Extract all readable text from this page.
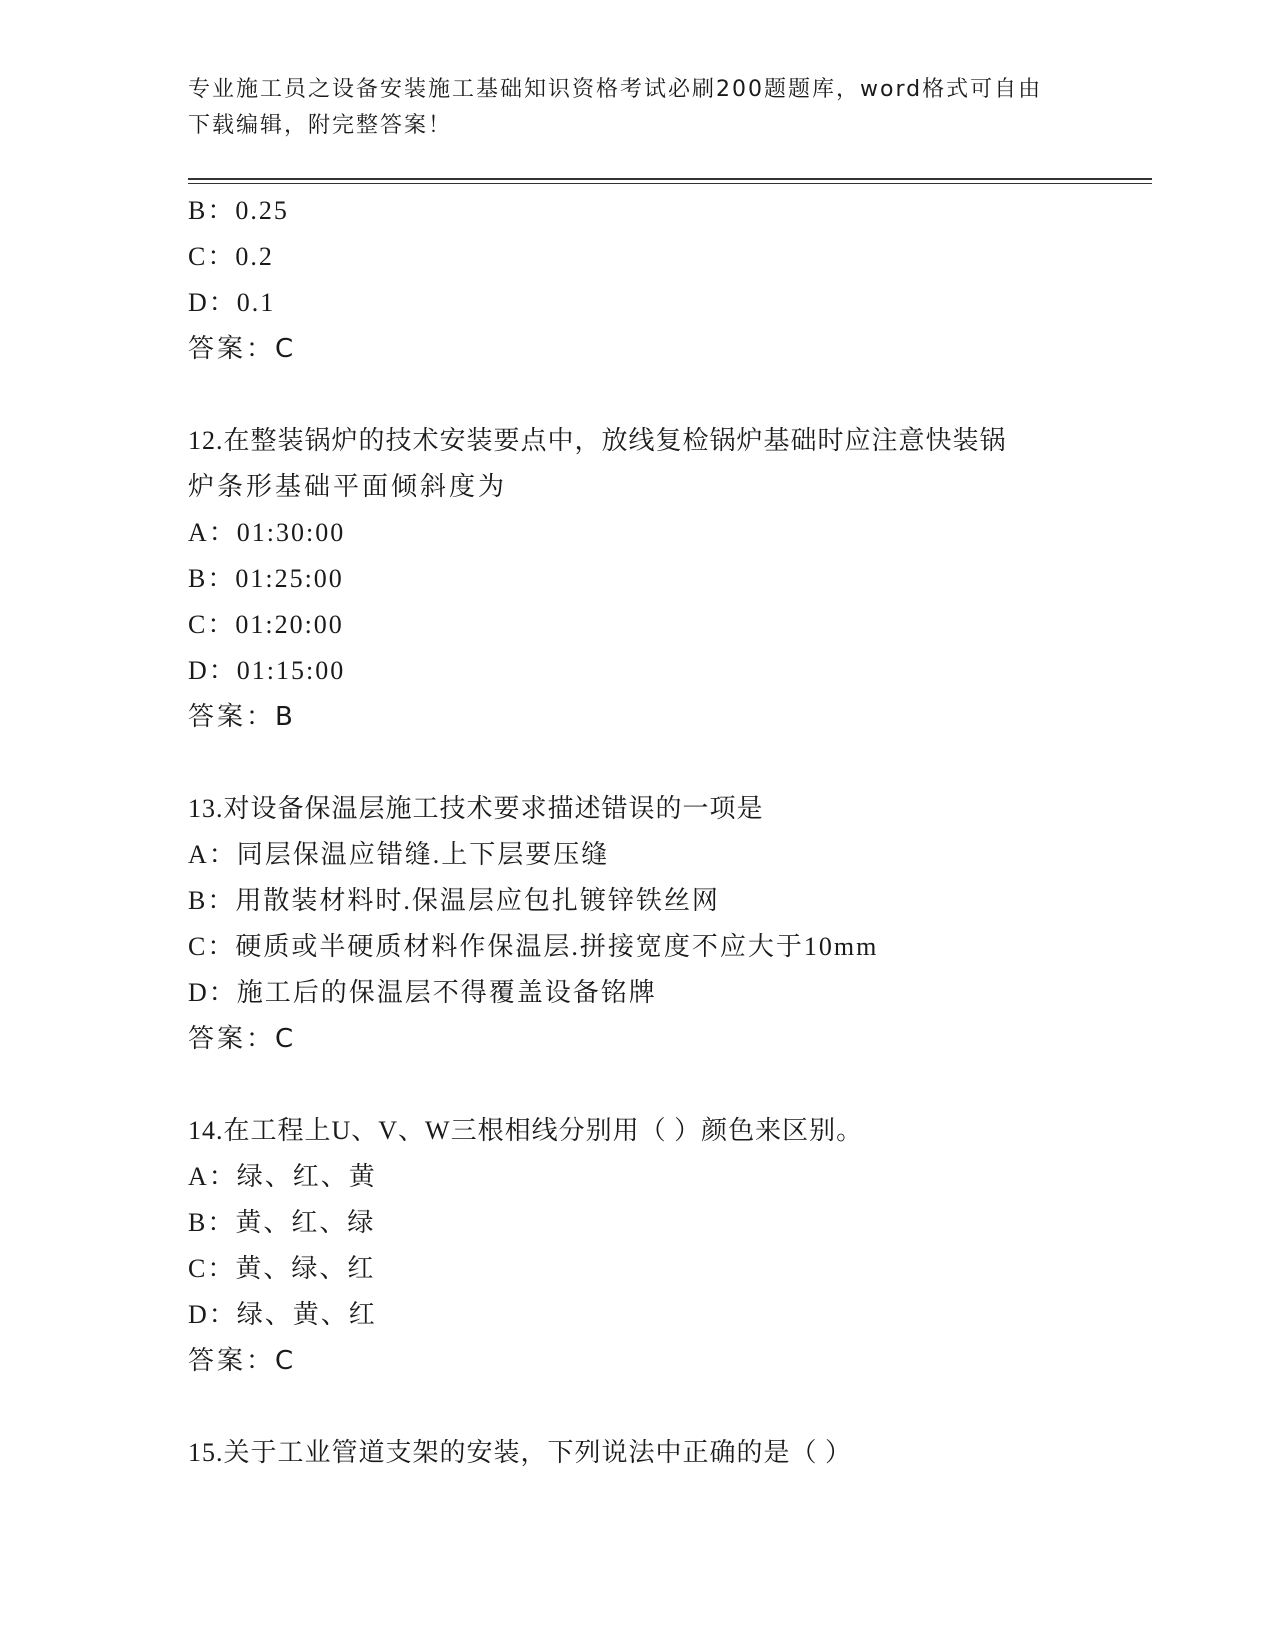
专业施工员之设备安装施工基础知识资格考试必刷200题题库，word格式可自由
下载编辑，附完整答案！
B：0.25
C：0.2
D：0.1
答案：C
12.在整装锅炉的技术安装要点中，放线复检锅炉基础时应注意快装锅
炉条形基础平面倾斜度为
A：01:30:00
B：01:25:00
C：01:20:00
D：01:15:00
答案：B
13.对设备保温层施工技术要求描述错误的一项是
A：同层保温应错缝.上下层要压缝
B：用散装材料时.保温层应包扎镀锌铁丝网
C：硬质或半硬质材料作保温层.拼接宽度不应大于10mm
D：施工后的保温层不得覆盖设备铭牌
答案：C
14.在工程上U、V、W三根相线分别用（ ）颜色来区别。
A：绿、红、黄
B：黄、红、绿
C：黄、绿、红
D：绿、黄、红
答案：C
15.关于工业管道支架的安装，下列说法中正确的是（ ）
